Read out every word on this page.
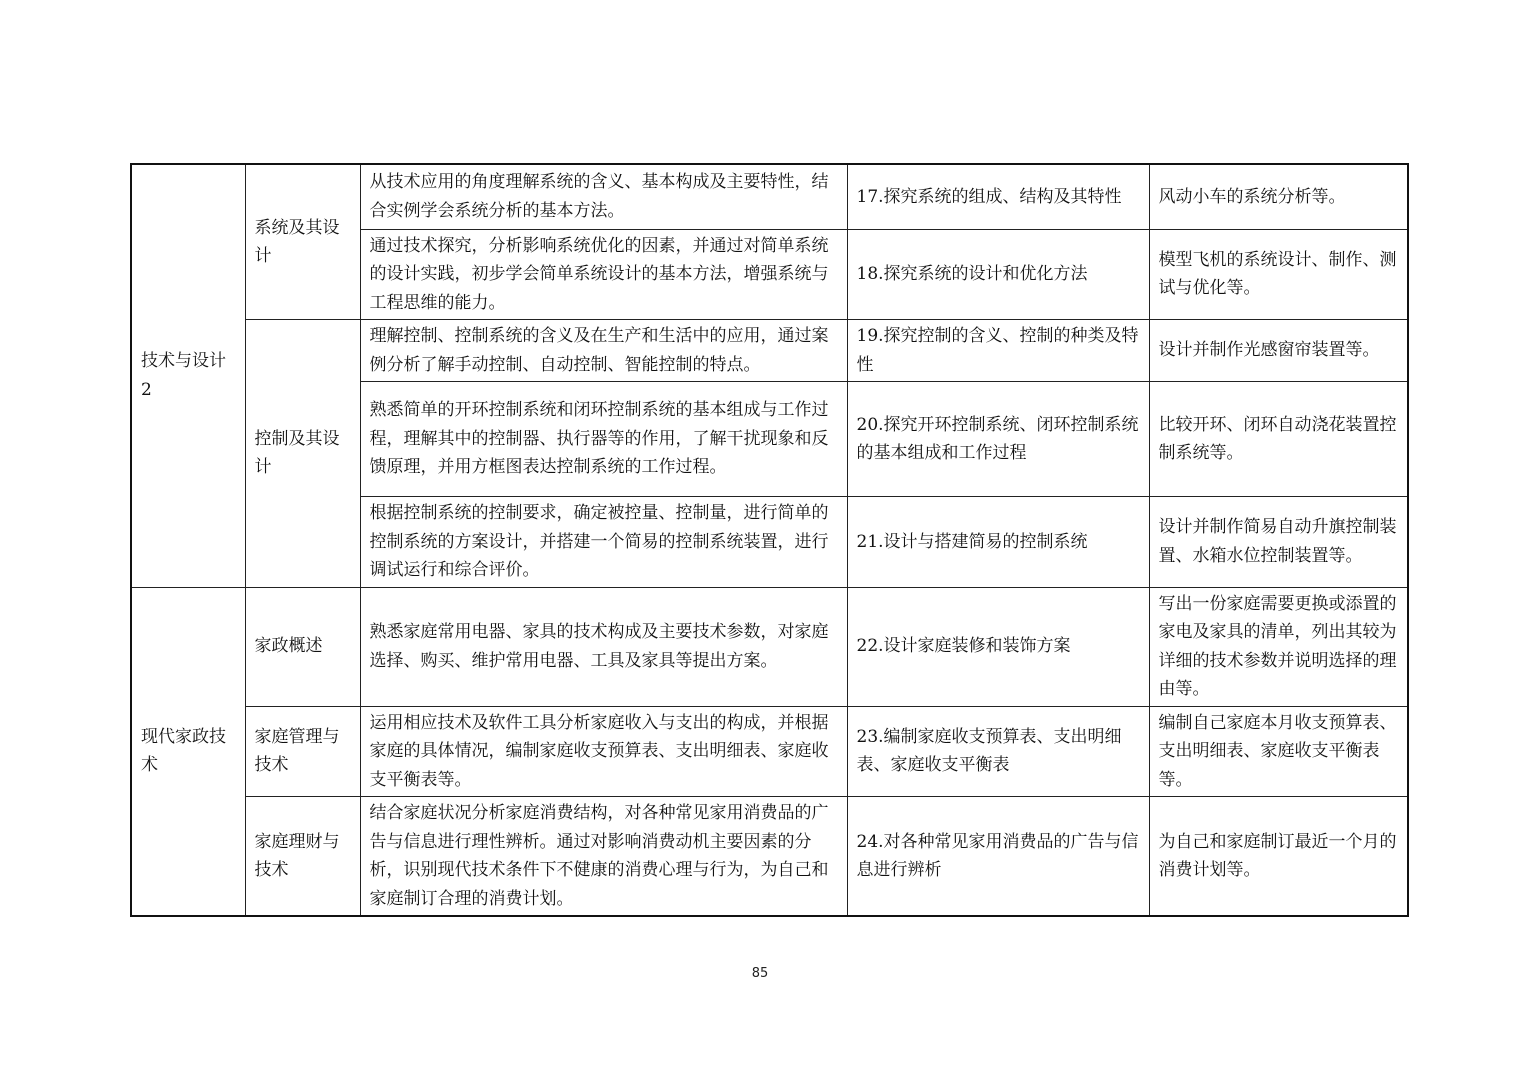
技术与设计2	系统及其设计	从技术应用的角度理解系统的含义、基本构成及主要特性，结合实例学会系统分析的基本方法。	17.探究系统的组成、结构及其特性	风动小车的系统分析等。
		通过技术探究，分析影响系统优化的因素，并通过对简单系统的设计实践，初步学会简单系统设计的基本方法，增强系统与工程思维的能力。	18.探究系统的设计和优化方法	模型飞机的系统设计、制作、测试与优化等。
	控制及其设计	理解控制、控制系统的含义及在生产和生活中的应用，通过案例分析了解手动控制、自动控制、智能控制的特点。	19.探究控制的含义、控制的种类及特性	设计并制作光感窗帘装置等。
		熟悉简单的开环控制系统和闭环控制系统的基本组成与工作过程，理解其中的控制器、执行器等的作用，了解干扰现象和反馈原理，并用方框图表达控制系统的工作过程。	20.探究开环控制系统、闭环控制系统的基本组成和工作过程	比较开环、闭环自动浇花装置控制系统等。
		根据控制系统的控制要求，确定被控量、控制量，进行简单的控制系统的方案设计，并搭建一个简易的控制系统装置，进行调试运行和综合评价。	21.设计与搭建简易的控制系统	设计并制作简易自动升旗控制装置、水箱水位控制装置等。
现代家政技术	家政概述	熟悉家庭常用电器、家具的技术构成及主要技术参数，对家庭选择、购买、维护常用电器、工具及家具等提出方案。	22.设计家庭装修和装饰方案	写出一份家庭需要更换或添置的家电及家具的清单，列出其较为详细的技术参数并说明选择的理由等。
	家庭管理与技术	运用相应技术及软件工具分析家庭收入与支出的构成，并根据家庭的具体情况，编制家庭收支预算表、支出明细表、家庭收支平衡表等。	23.编制家庭收支预算表、支出明细表、家庭收支平衡表	编制自己家庭本月收支预算表、支出明细表、家庭收支平衡表等。
	家庭理财与技术	结合家庭状况分析家庭消费结构，对各种常见家用消费品的广告与信息进行理性辨析。通过对影响消费动机主要因素的分析，识别现代技术条件下不健康的消费心理与行为，为自己和家庭制订合理的消费计划。	24.对各种常见家用消费品的广告与信息进行辨析	为自己和家庭制订最近一个月的消费计划等。
85
